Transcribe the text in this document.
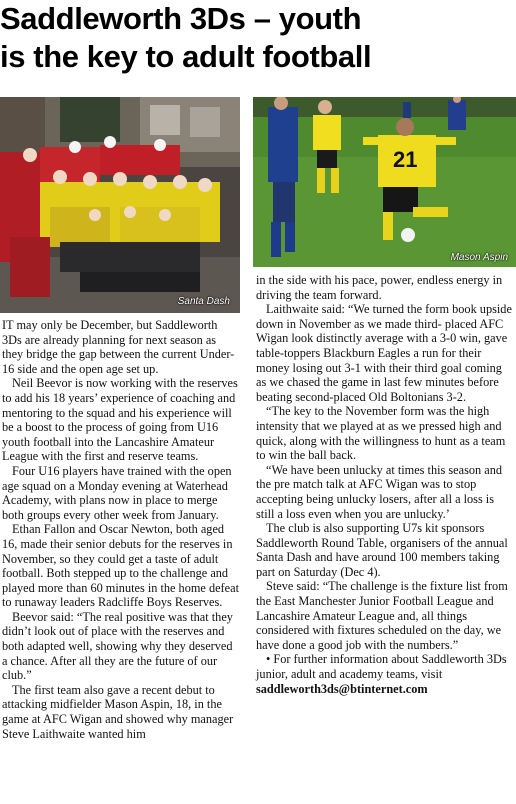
Saddleworth 3Ds – youth
is the key to adult football
Santa Dash
21
Mason Aspin

IT may only be December, but Saddleworth 3Ds are already planning for next season as they bridge the gap between the current Under-16 side and the open age set up.

Neil Beevor is now working with the reserves to add his 18 years’ experience of coaching and mentoring to the squad and his experience will be a boost to the process of going from U16 youth football into the Lancashire Amateur League with the first and reserve teams.

Four U16 players have trained with the open age squad on a Monday evening at Waterhead Academy, with plans now in place to merge both groups every other week from January.

Ethan Fallon and Oscar Newton, both aged 16, made their senior debuts for the reserves in November, so they could get a taste of adult football. Both stepped up to the challenge and played more than 60 minutes in the home defeat to runaway leaders Radcliffe Boys Reserves.

Beevor said: “The real positive was that they didn’t look out of place with the reserves and both adapted well, showing why they deserved a chance. After all they are the future of our club.”

The first team also gave a recent debut to attacking midfielder Mason Aspin, 18, in the game at AFC Wigan and showed why manager Steve Laithwaite wanted him

in the side with his pace, power, endless energy in driving the team forward.

Laithwaite said: “We turned the form book upside down in November as we made third- placed AFC Wigan look distinctly average with a 3-0 win, gave table-toppers Blackburn Eagles a run for their money losing out 3-1 with their third goal coming as we chased the game in last few minutes before beating second-placed Old Boltonians 3-2.

“The key to the November form was the high intensity that we played at as we pressed high and quick, along with the willingness to hunt as a team to win the ball back.

“We have been unlucky at times this season and the pre match talk at AFC Wigan was to stop accepting being unlucky losers, after all a loss is still a loss even when you are unlucky.’

The club is also supporting U7s kit sponsors Saddleworth Round Table, organisers of the annual Santa Dash and have around 100 members taking part on Saturday (Dec 4).

Steve said: “The challenge is the fixture list from the East Manchester Junior Football League and Lancashire Amateur League and, all things considered with fixtures scheduled on the day, we have done a good job with the numbers.”

• For further information about Saddleworth 3Ds junior, adult and academy teams, visit saddleworth3ds@btinternet.com
